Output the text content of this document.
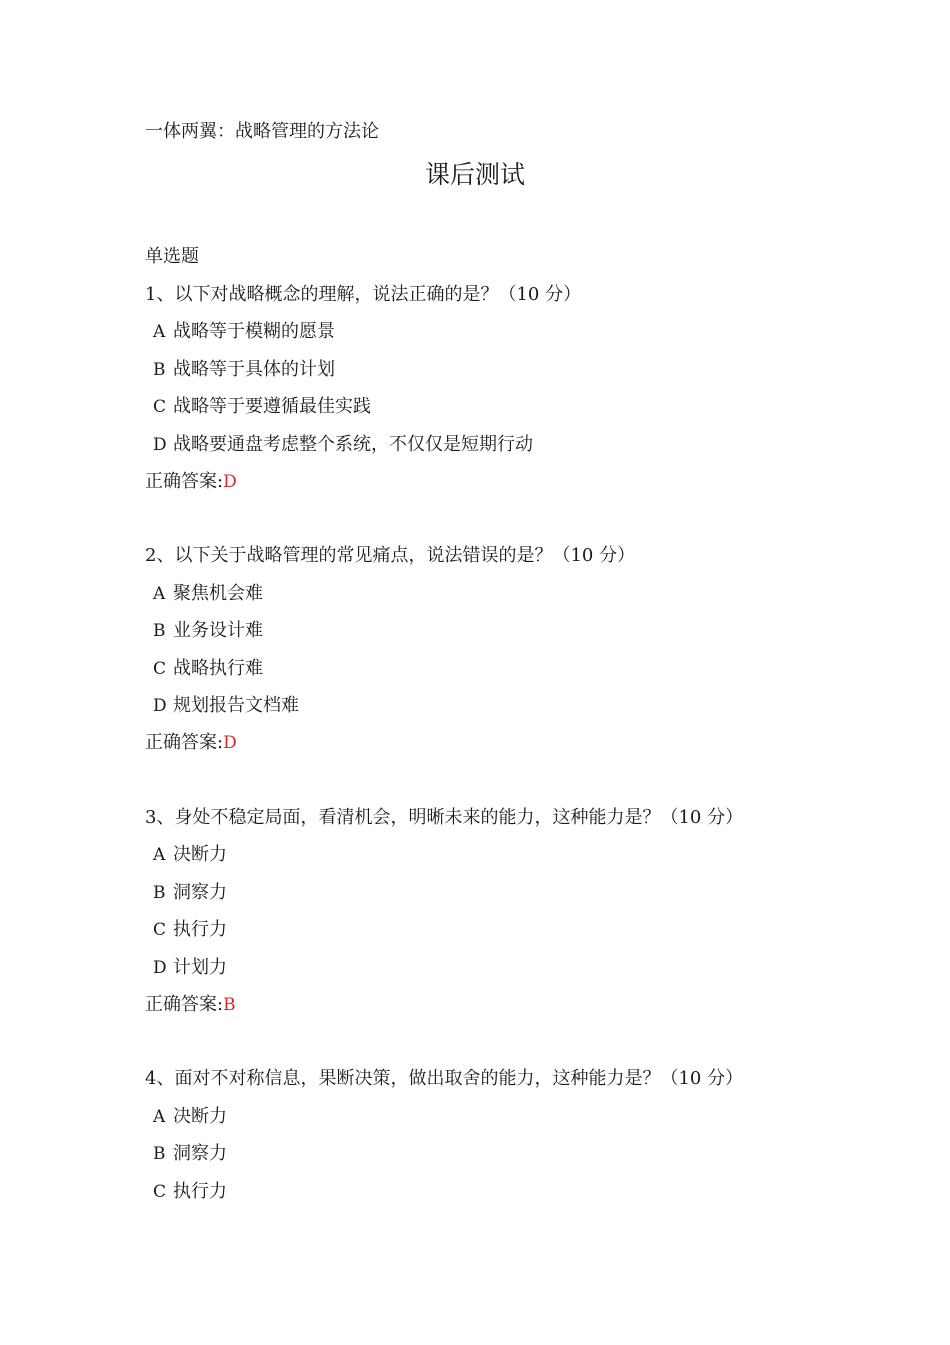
一体两翼：战略管理的方法论
课后测试
单选题
1、以下对战略概念的理解，说法正确的是？（10 分）
A 战略等于模糊的愿景
B 战略等于具体的计划
C 战略等于要遵循最佳实践
D 战略要通盘考虑整个系统，不仅仅是短期行动
正确答案:D
2、以下关于战略管理的常见痛点，说法错误的是？（10 分）
A 聚焦机会难
B 业务设计难
C 战略执行难
D 规划报告文档难
正确答案:D
3、身处不稳定局面，看清机会，明晰未来的能力，这种能力是？（10 分）
A 决断力
B 洞察力
C 执行力
D 计划力
正确答案:B
4、面对不对称信息，果断决策，做出取舍的能力，这种能力是？（10 分）
A 决断力
B 洞察力
C 执行力
